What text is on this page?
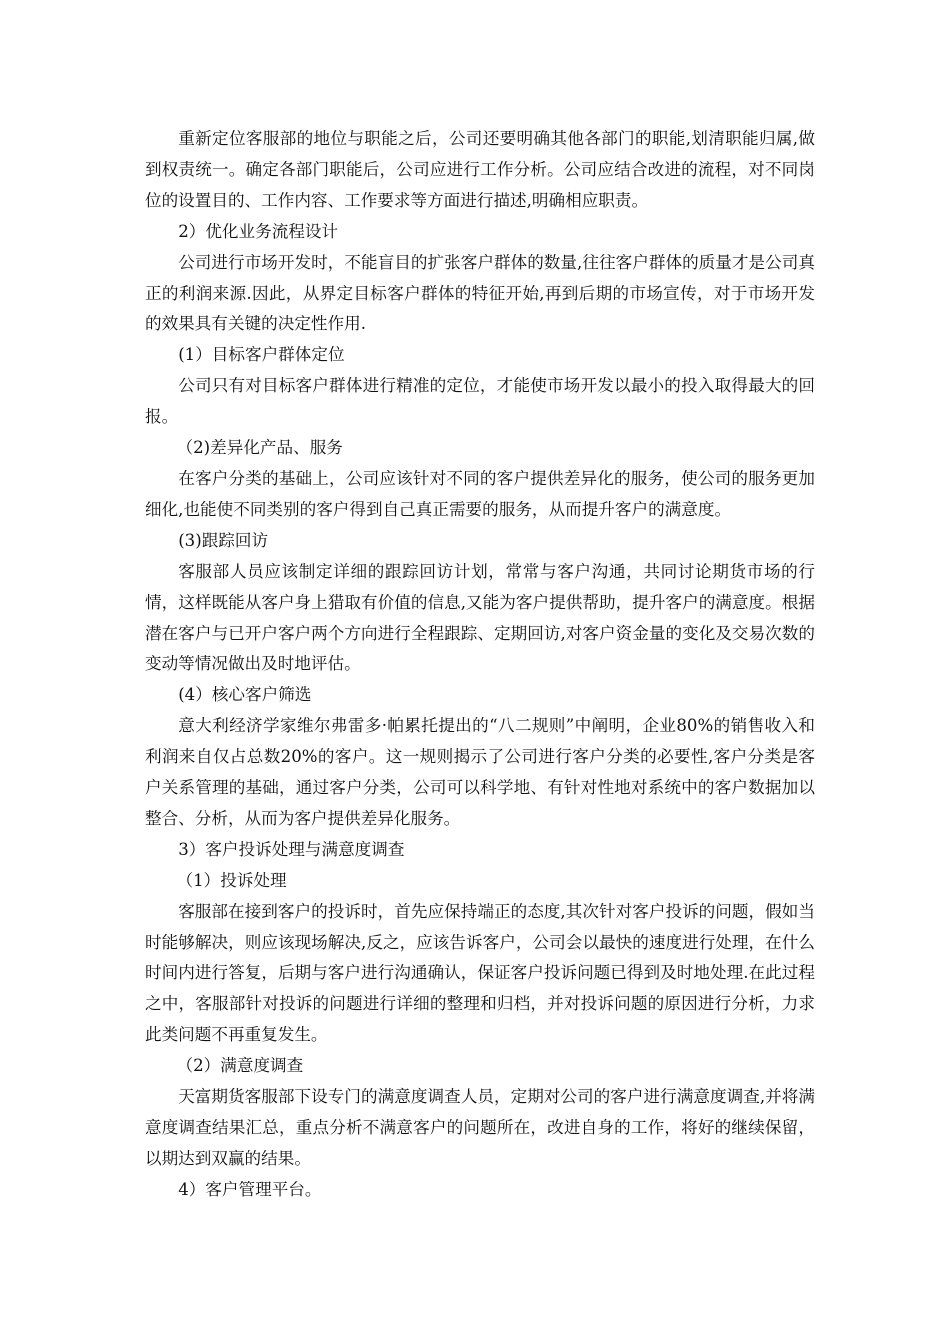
重新定位客服部的地位与职能之后，公司还要明确其他各部门的职能,划清职能归属,做到权责统一。确定各部门职能后，公司应进行工作分析。公司应结合改进的流程，对不同岗位的设置目的、工作内容、工作要求等方面进行描述,明确相应职责。

2）优化业务流程设计

公司进行市场开发时，不能盲目的扩张客户群体的数量,往往客户群体的质量才是公司真正的利润来源.因此，从界定目标客户群体的特征开始,再到后期的市场宣传，对于市场开发的效果具有关键的决定性作用.

(1）目标客户群体定位

公司只有对目标客户群体进行精准的定位，才能使市场开发以最小的投入取得最大的回报。

（2)差异化产品、服务

在客户分类的基础上，公司应该针对不同的客户提供差异化的服务，使公司的服务更加细化,也能使不同类别的客户得到自己真正需要的服务，从而提升客户的满意度。

(3)跟踪回访

客服部人员应该制定详细的跟踪回访计划，常常与客户沟通，共同讨论期货市场的行情，这样既能从客户身上猎取有价值的信息,又能为客户提供帮助，提升客户的满意度。根据潜在客户与已开户客户两个方向进行全程跟踪、定期回访,对客户资金量的变化及交易次数的变动等情况做出及时地评估。

(4）核心客户筛选

意大利经济学家维尔弗雷多·帕累托提出的“八二规则”中阐明，企业80%的销售收入和利润来自仅占总数20%的客户。这一规则揭示了公司进行客户分类的必要性,客户分类是客户关系管理的基础，通过客户分类，公司可以科学地、有针对性地对系统中的客户数据加以整合、分析，从而为客户提供差异化服务。

3）客户投诉处理与满意度调查

（1）投诉处理

客服部在接到客户的投诉时，首先应保持端正的态度,其次针对客户投诉的问题，假如当时能够解决，则应该现场解决,反之，应该告诉客户，公司会以最快的速度进行处理，在什么时间内进行答复，后期与客户进行沟通确认，保证客户投诉问题已得到及时地处理.在此过程之中，客服部针对投诉的问题进行详细的整理和归档，并对投诉问题的原因进行分析，力求此类问题不再重复发生。

（2）满意度调查

天富期货客服部下设专门的满意度调查人员，定期对公司的客户进行满意度调查,并将满意度调查结果汇总，重点分析不满意客户的问题所在，改进自身的工作，将好的继续保留，以期达到双赢的结果。

4）客户管理平台。
